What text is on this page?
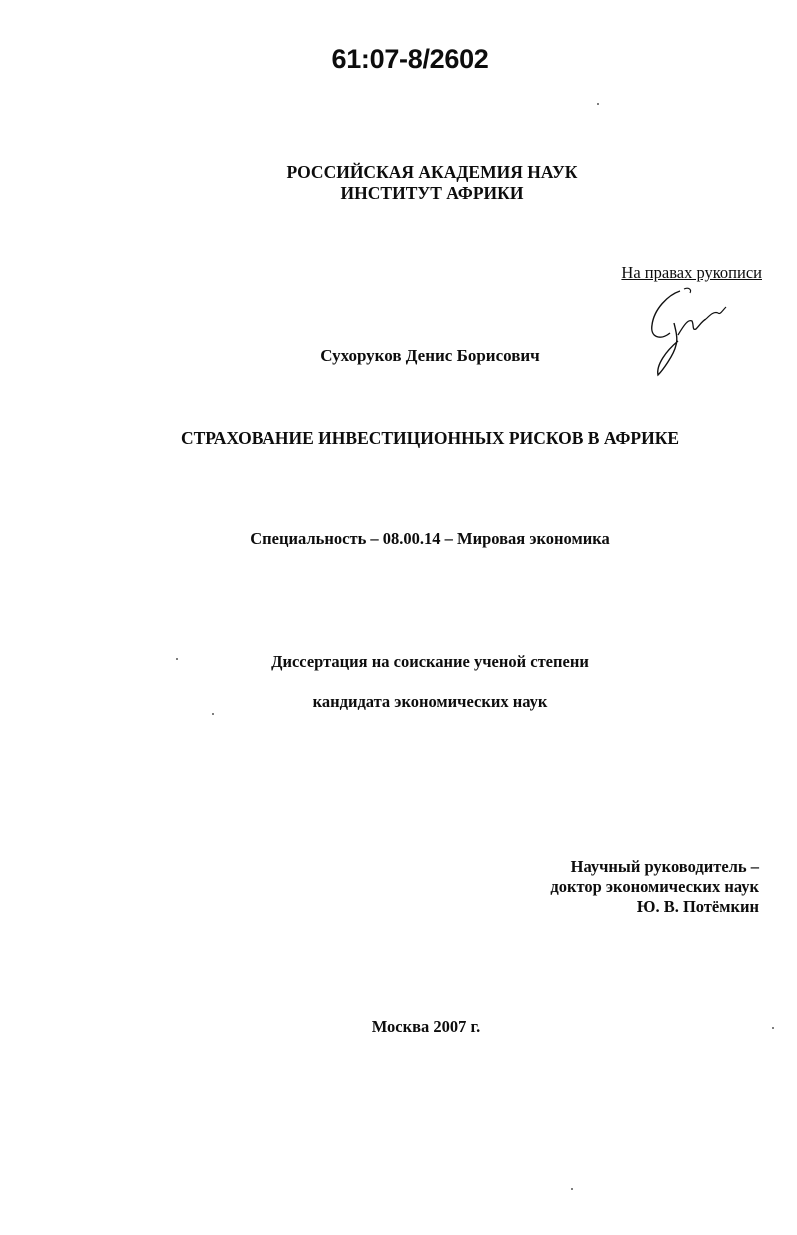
61:07-8/2602
РОССИЙСКАЯ АКАДЕМИЯ НАУК
ИНСТИТУТ АФРИКИ
На правах рукописи
Сухоруков Денис Борисович
СТРАХОВАНИЕ ИНВЕСТИЦИОННЫХ РИСКОВ В АФРИКЕ
Специальность – 08.00.14 – Мировая экономика
Диссертация на соискание ученой степени
кандидата экономических наук
Научный руководитель –
доктор экономических наук
Ю. В. Потёмкин
Москва 2007 г.
